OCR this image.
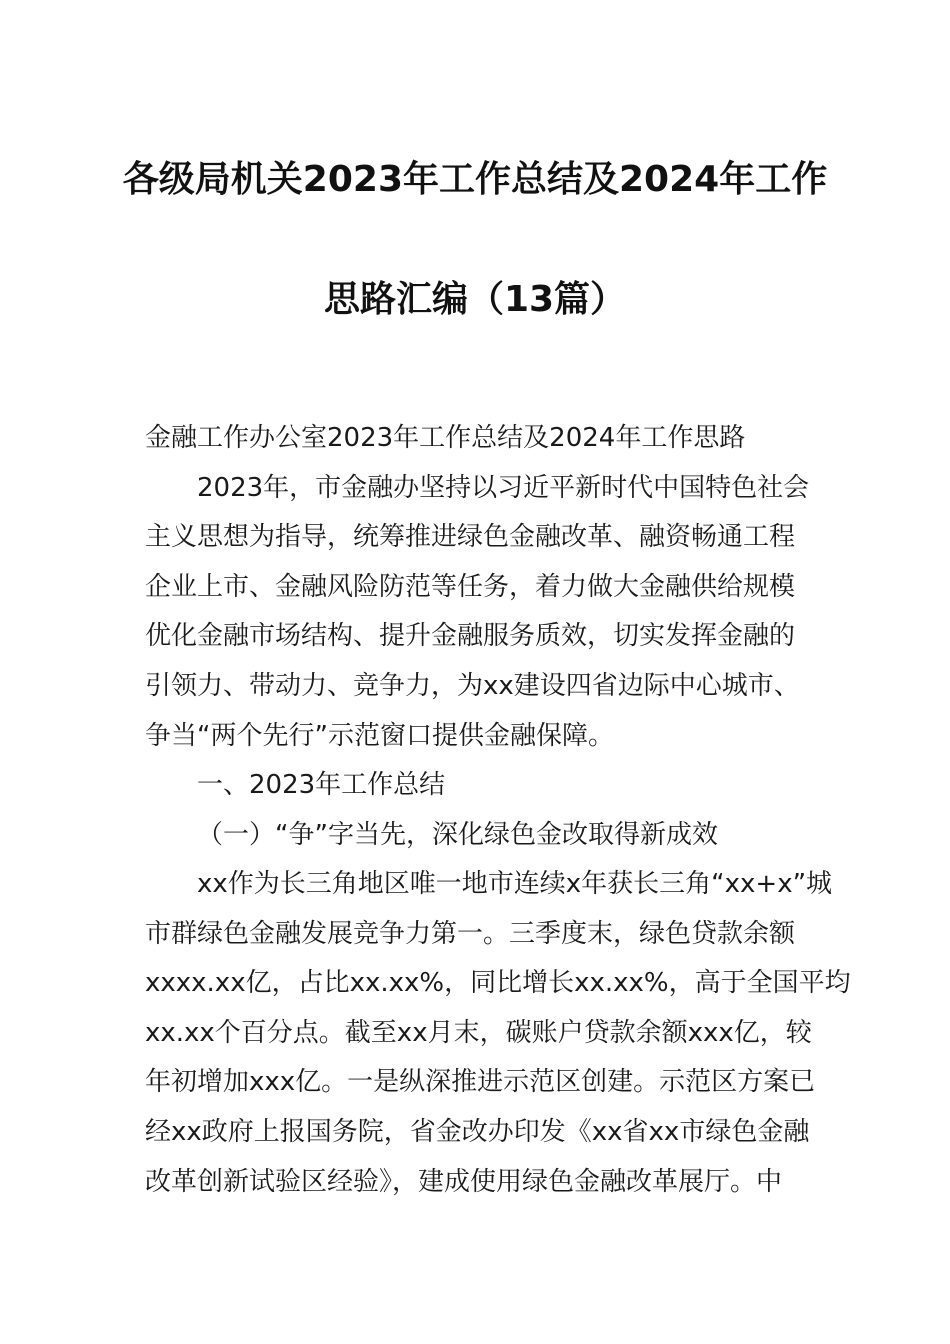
各级局机关2023年工作总结及2024年工作
思路汇编（13篇）
金融工作办公室2023年工作总结及2024年工作思路
2023年，市金融办坚持以习近平新时代中国特色社会
主义思想为指导，统筹推进绿色金融改革、融资畅通工程
企业上市、金融风险防范等任务，着力做大金融供给规模
优化金融市场结构、提升金融服务质效，切实发挥金融的
引领力、带动力、竞争力，为xx建设四省边际中心城市、
争当“两个先行”示范窗口提供金融保障。
一、2023年工作总结
（一）“争”字当先，深化绿色金改取得新成效
xx作为长三角地区唯一地市连续x年获长三角“xx+x”城
市群绿色金融发展竞争力第一。三季度末，绿色贷款余额
xxxx.xx亿，占比xx.xx%，同比增长xx.xx%，高于全国平均
xx.xx个百分点。截至xx月末，碳账户贷款余额xxx亿，较
年初增加xxx亿。一是纵深推进示范区创建。示范区方案已
经xx政府上报国务院，省金改办印发《xx省xx市绿色金融
改革创新试验区经验》，建成使用绿色金融改革展厅。中
